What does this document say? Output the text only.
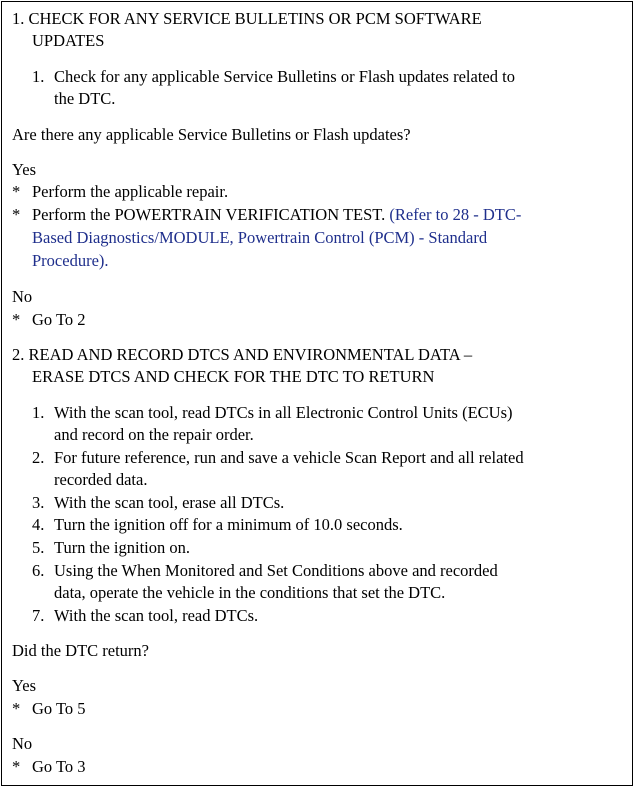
1. CHECK FOR ANY SERVICE BULLETINS OR PCM SOFTWARE
UPDATES
1. Check for any applicable Service Bulletins or Flash updates related to
the DTC.
Are there any applicable Service Bulletins or Flash updates?
Yes
* Perform the applicable repair.
* Perform the POWERTRAIN VERIFICATION TEST. (Refer to 28 - DTC-
Based Diagnostics/MODULE, Powertrain Control (PCM) - Standard
Procedure).
No
* Go To 2
2. READ AND RECORD DTCS AND ENVIRONMENTAL DATA –
ERASE DTCS AND CHECK FOR THE DTC TO RETURN
1. With the scan tool, read DTCs in all Electronic Control Units (ECUs)
and record on the repair order.
2. For future reference, run and save a vehicle Scan Report and all related
recorded data.
3. With the scan tool, erase all DTCs.
4. Turn the ignition off for a minimum of 10.0 seconds.
5. Turn the ignition on.
6. Using the When Monitored and Set Conditions above and recorded
data, operate the vehicle in the conditions that set the DTC.
7. With the scan tool, read DTCs.
Did the DTC return?
Yes
* Go To 5
No
* Go To 3
